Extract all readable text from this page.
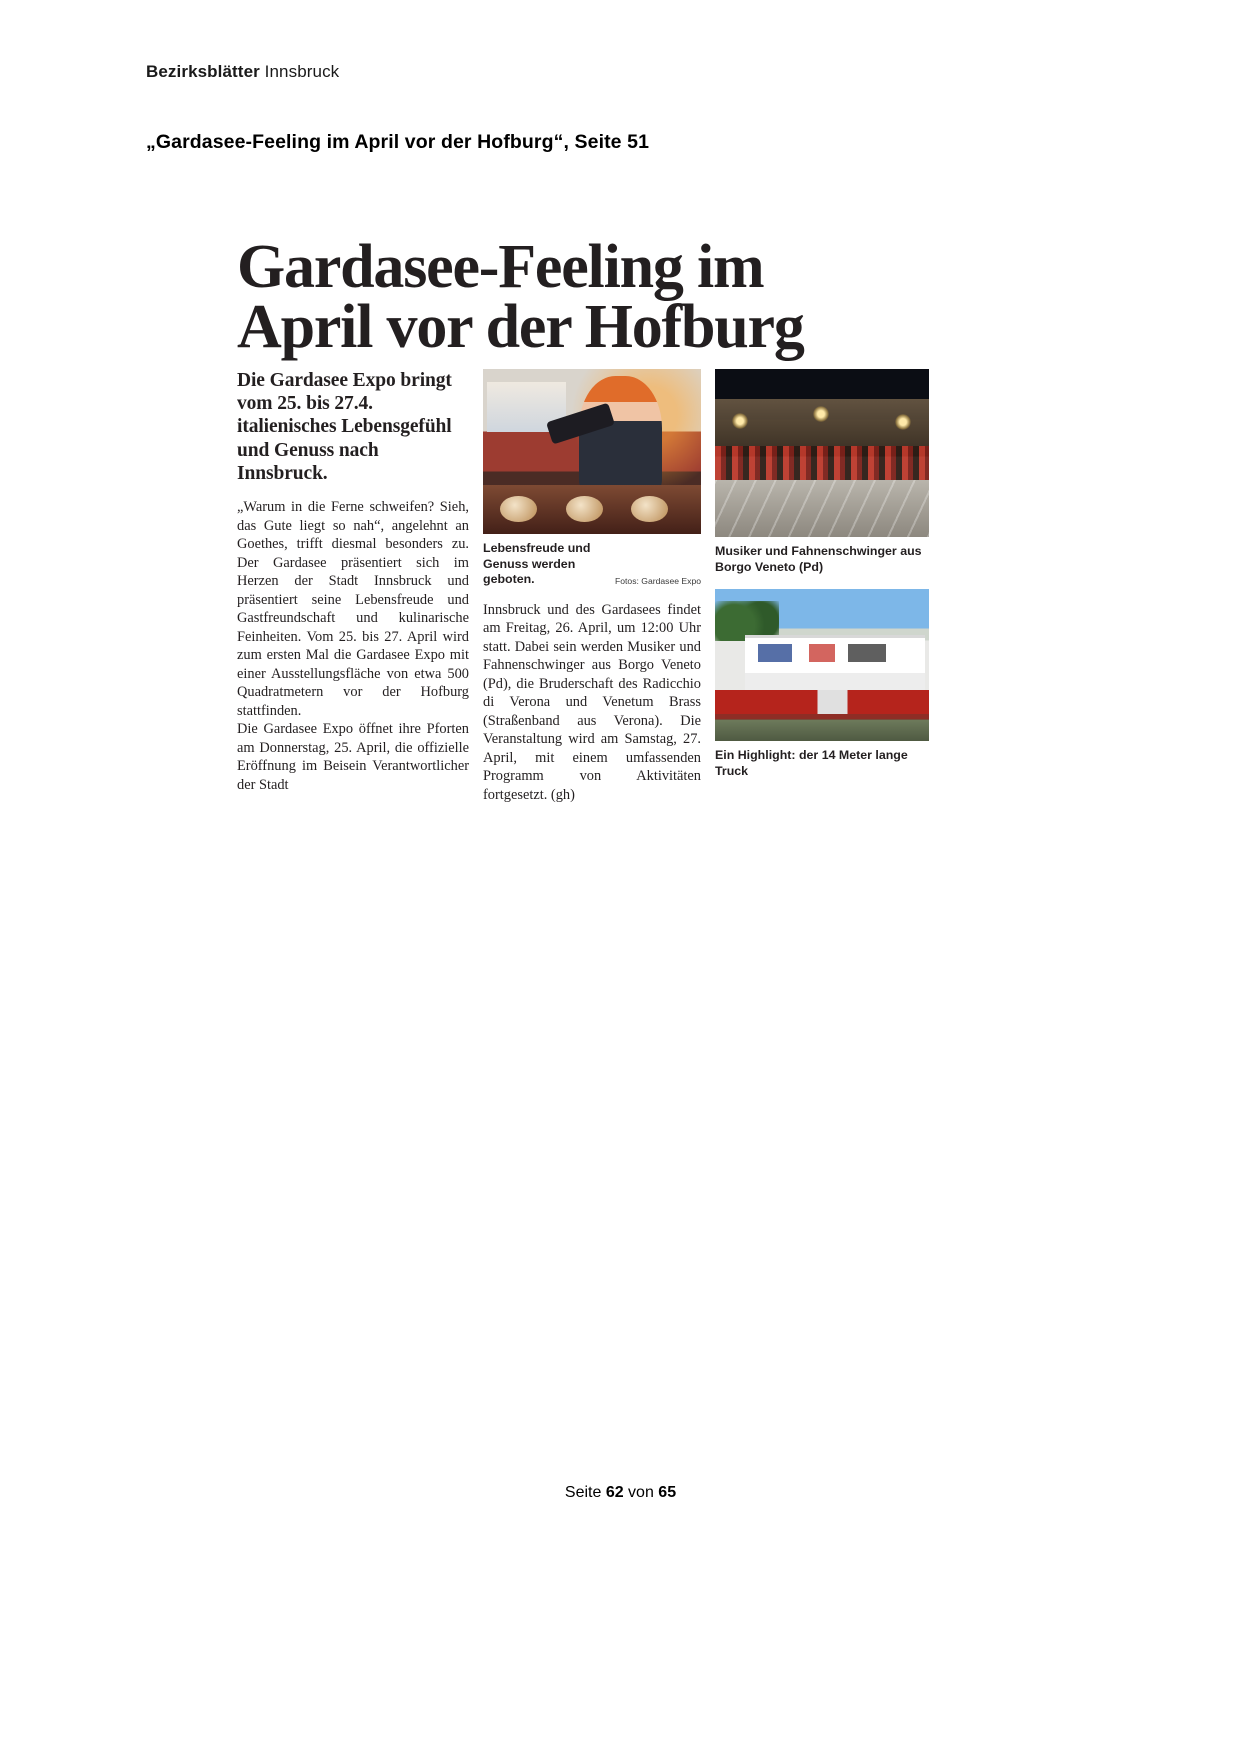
Bezirksblätter Innsbruck
„Gardasee-Feeling im April vor der Hofburg“, Seite 51
Gardasee-Feeling im
April vor der Hofburg

Die Gardasee Expo bringt vom 25. bis 27.4. italienisches Lebensgefühl und Genuss nach Innsbruck.

„Warum in die Ferne schweifen? Sieh, das Gute liegt so nah“, angelehnt an Goethes, trifft diesmal besonders zu. Der Gardasee präsentiert sich im Herzen der Stadt Innsbruck und präsentiert seine Lebensfreude und Gastfreundschaft und kulinarische Feinheiten. Vom 25. bis 27. April wird zum ersten Mal die Gardasee Expo mit einer Ausstellungsfläche von etwa 500 Quadratmetern vor der Hofburg stattfinden.

Die Gardasee Expo öffnet ihre Pforten am Donnerstag, 25. April, die offizielle Eröffnung im Beisein Verantwortlicher der Stadt

Lebensfreude und Genuss werden geboten.	Fotos: Gardasee Expo

Innsbruck und des Gardasees findet am Freitag, 26. April, um 12:00 Uhr statt. Dabei sein werden Musiker und Fahnenschwinger aus Borgo Veneto (Pd), die Bruderschaft des Radicchio di Verona und Venetum Brass (Straßenband aus Verona). Die Veranstaltung wird am Samstag, 27. April, mit einem umfassenden Programm von Aktivitäten fortgesetzt. (gh)

Musiker und Fahnenschwinger aus Borgo Veneto (Pd)
Ein Highlight: der 14 Meter lange Truck
Seite 62 von 65
